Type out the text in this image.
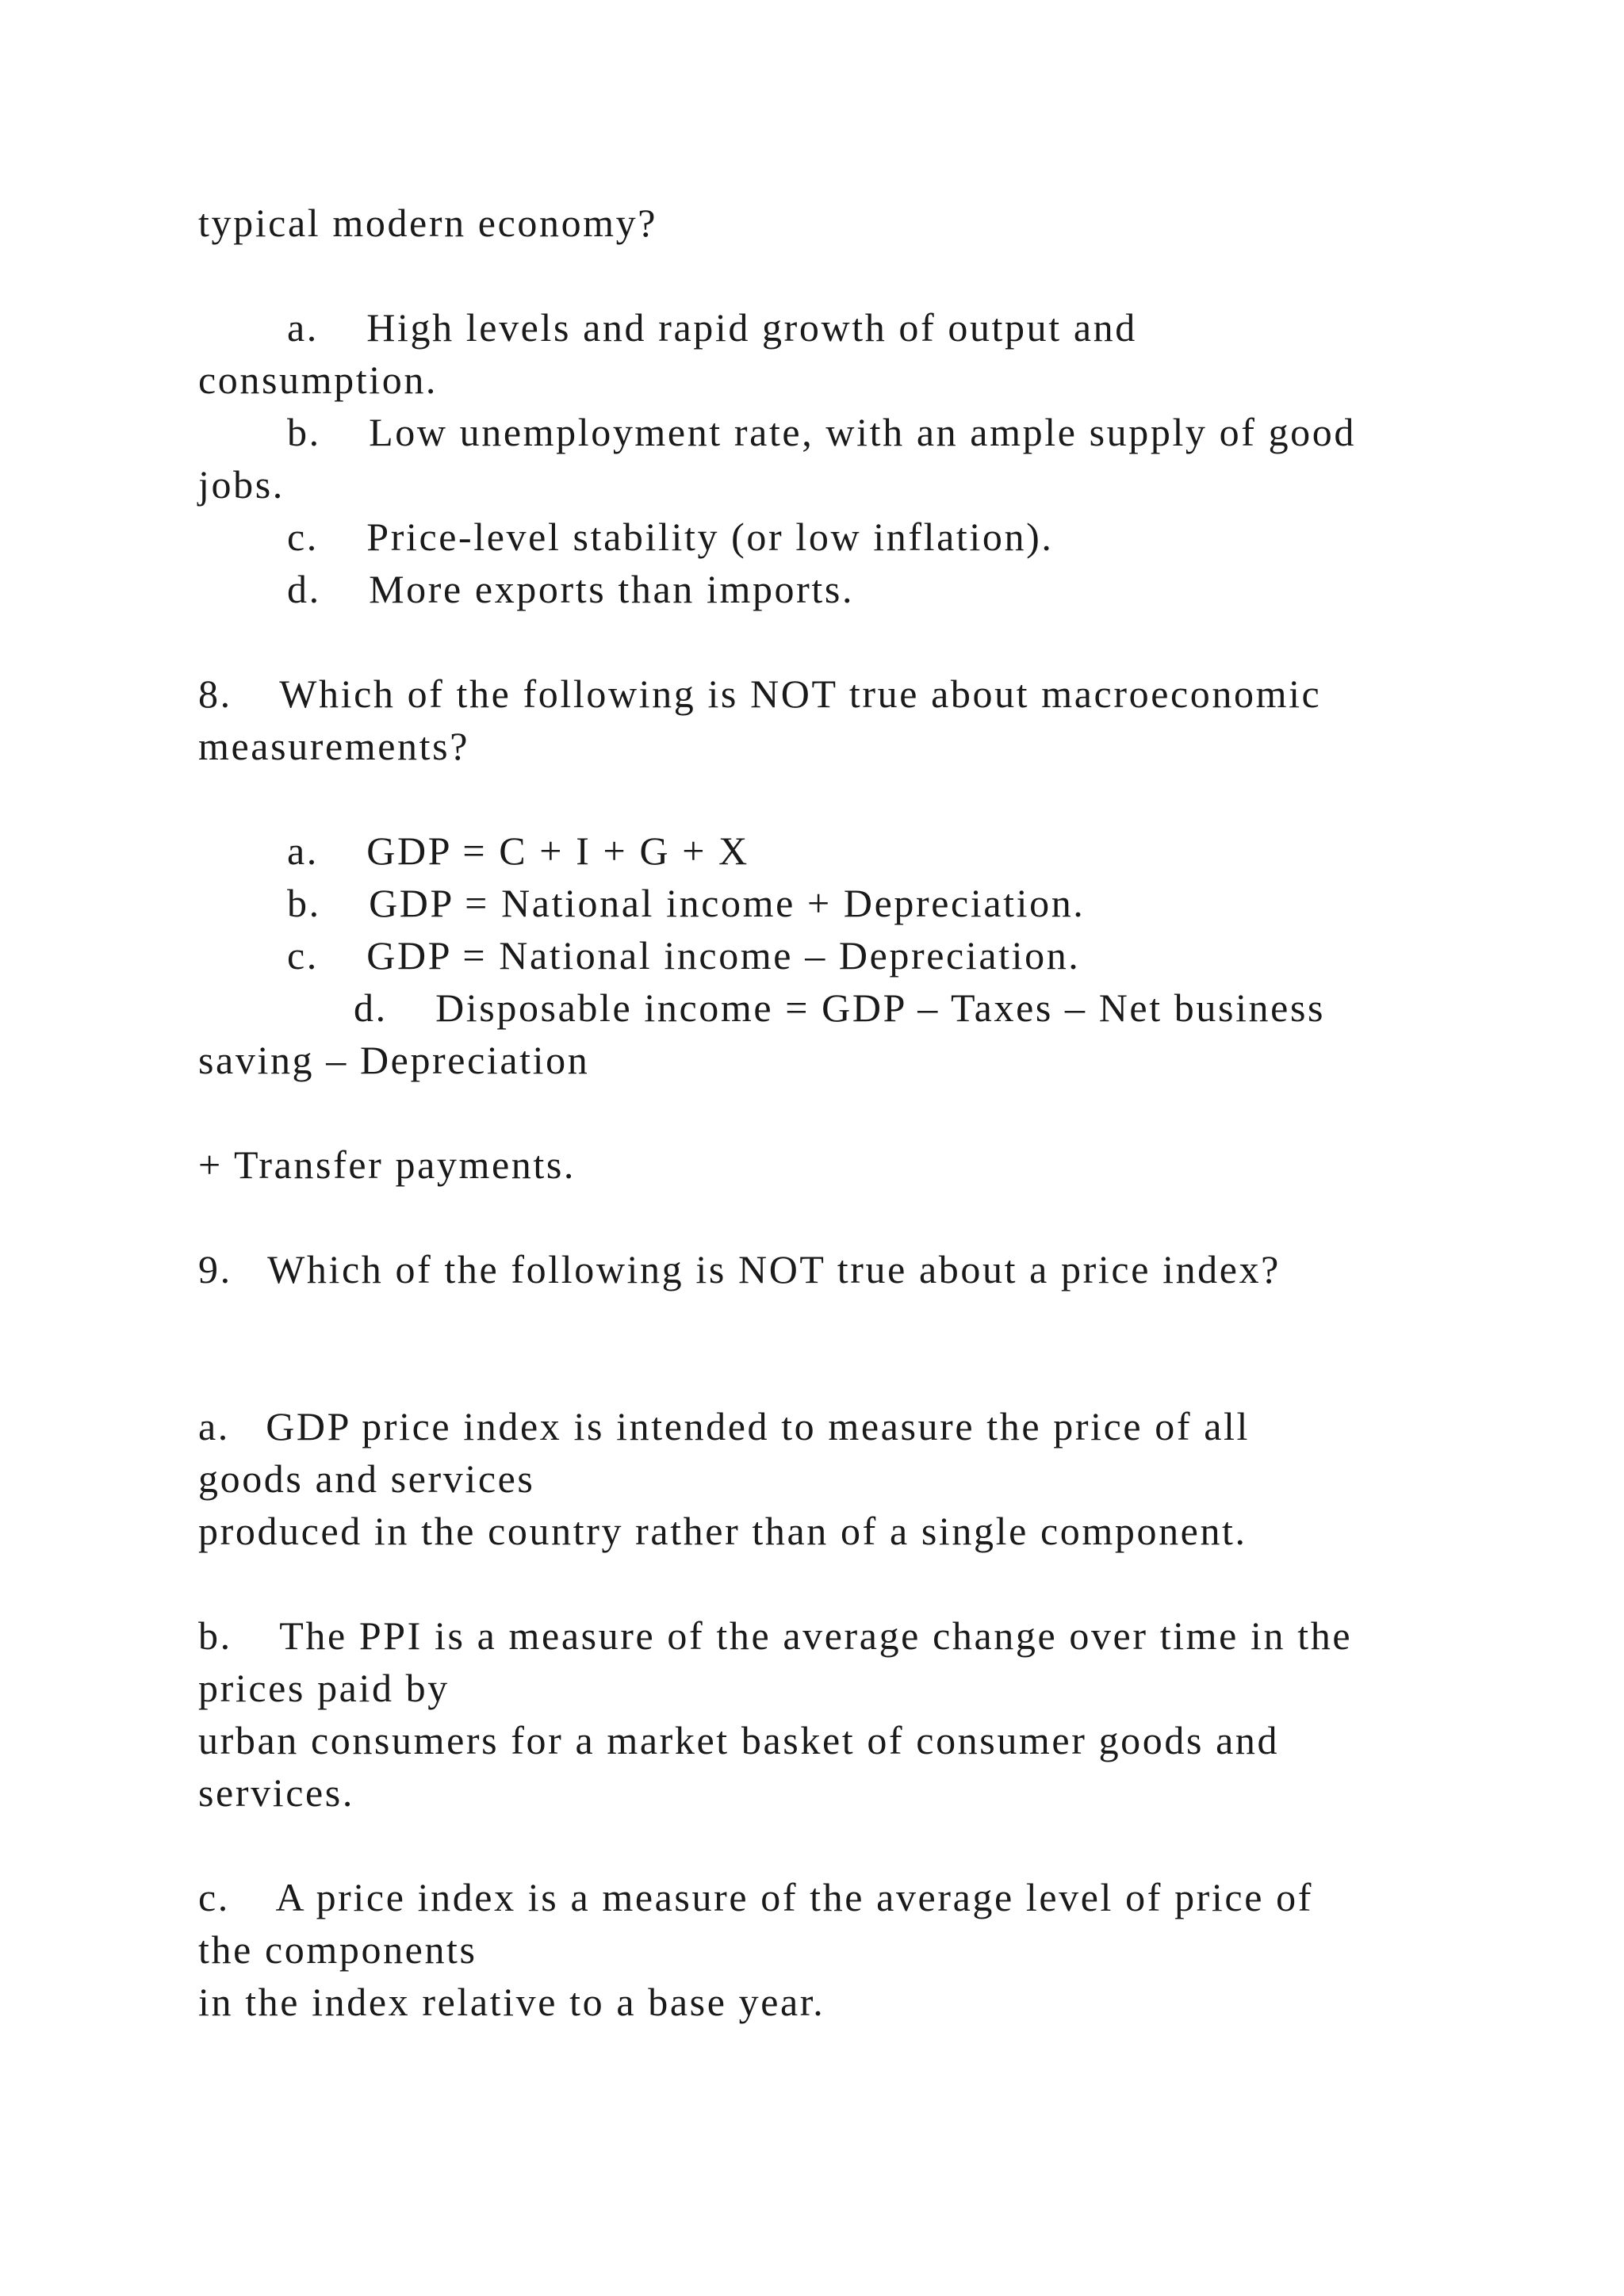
typical modern economy?

a.    High levels and rapid growth of output and

consumption.

b.    Low unemployment rate, with an ample supply of good

jobs.

c.    Price-level stability (or low inflation).

d.    More exports than imports.

8.    Which of the following is NOT true about macroeconomic

measurements?

a.    GDP = C + I + G + X

b.    GDP = National income + Depreciation.

c.    GDP = National income – Depreciation.

d.    Disposable income = GDP – Taxes – Net business

saving – Depreciation

+ Transfer payments.

9.   Which of the following is NOT true about a price index?

a.   GDP price index is intended to measure the price of all

goods and services

produced in the country rather than of a single component.

b.    The PPI is a measure of the average change over time in the

prices paid by

urban consumers for a market basket of consumer goods and

services.

c.    A price index is a measure of the average level of price of

the components

in the index relative to a base year.
